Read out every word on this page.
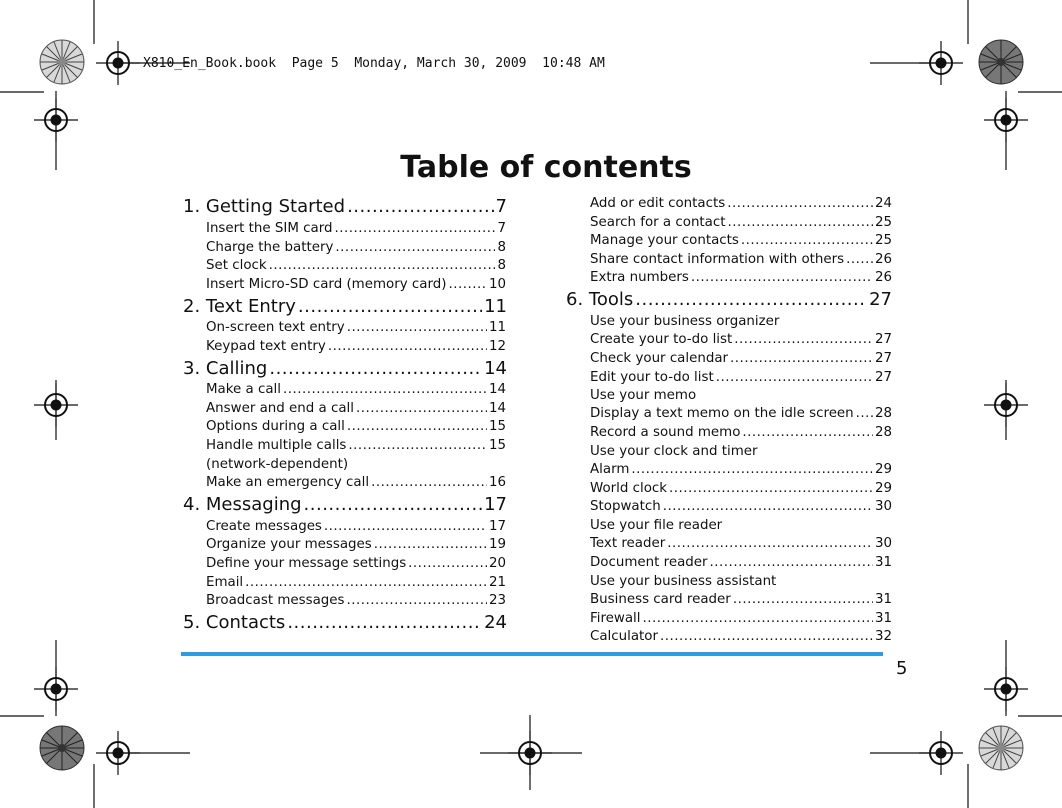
X810_En_Book.book  Page 5  Monday, March 30, 2009  10:48 AM
Table of contents
1. Getting Started .....	7
Insert the SIM card .....	7
Charge the battery .....	8
Set clock .....	8
Insert Micro-SD card (memory card) .....	10
2. Text Entry .....	11
On-screen text entry .....	11
Keypad text entry .....	12
3. Calling .....	14
Make a call .....	14
Answer and end a call .....	14
Options during a call .....	15
Handle multiple calls .....	15
(network-dependent)
Make an emergency call .....	16
4. Messaging .....	17
Create messages .....	17
Organize your messages .....	19
Define your message settings .....	20
Email .....	21
Broadcast messages .....	23
5. Contacts .....	24
Add or edit contacts .....	24
Search for a contact .....	25
Manage your contacts .....	25
Share contact information with others ..... 26
Extra numbers .....	26
6. Tools .....	27
Use your business organizer
Create your to-do list .....	27
Check your calendar .....	27
Edit your to-do list .....	27
Use your memo
Display a text memo on the idle screen ..... 28
Record a sound memo .....	28
Use your clock and timer
Alarm .....	29
World clock .....	29
Stopwatch .....	30
Use your file reader
Text reader .....	30
Document reader .....	31
Use your business assistant
Business card reader .....	31
Firewall .....	31
Calculator .....	32
5
